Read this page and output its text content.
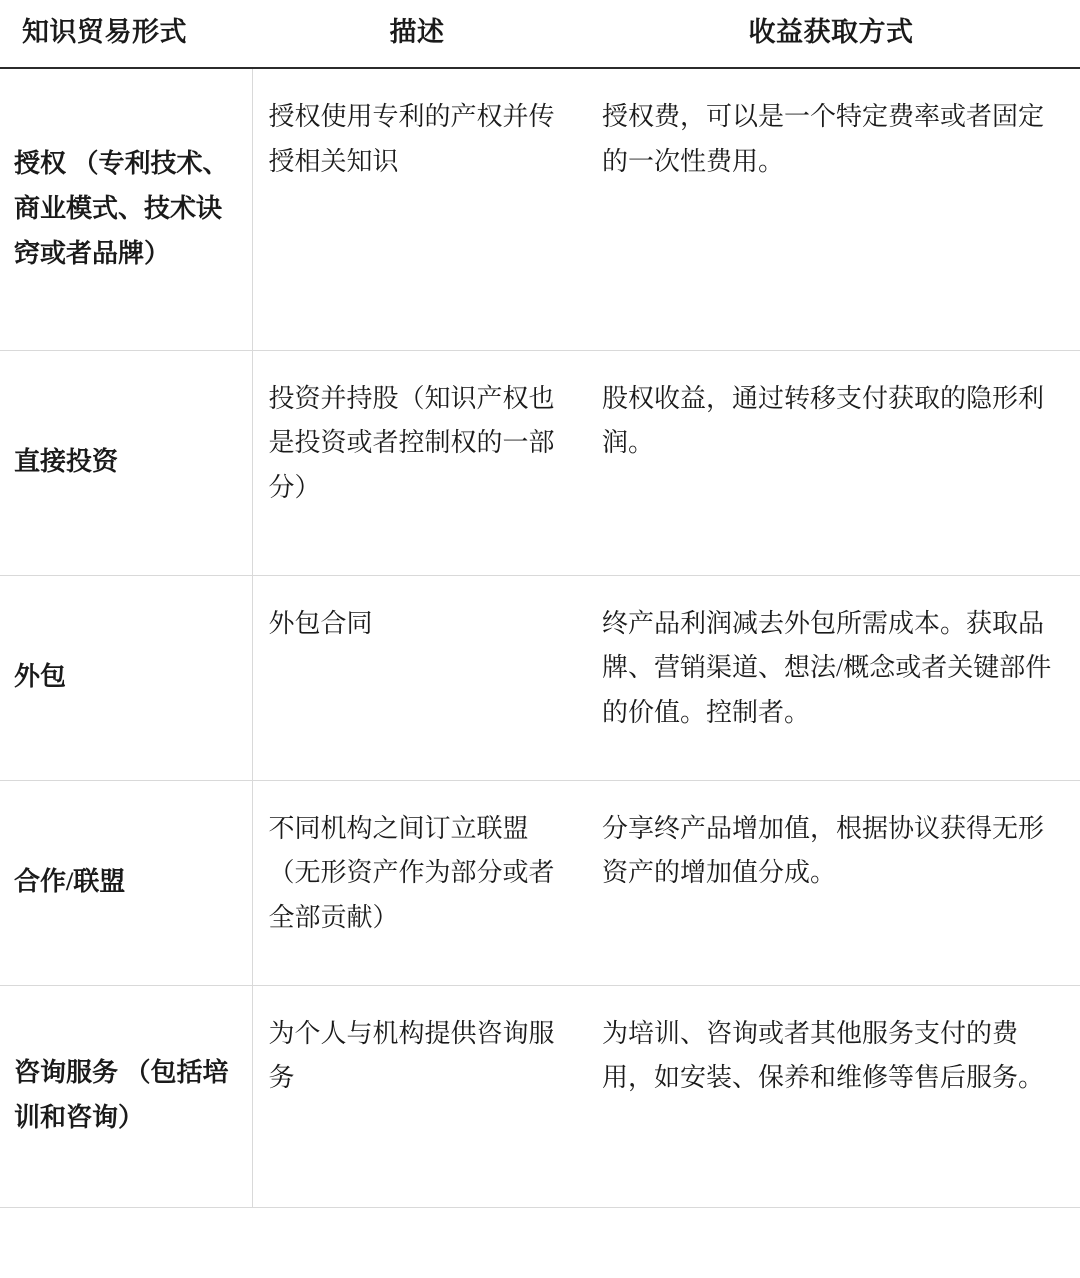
知识贸易形式	描述	收益获取方式
授权 （专利技术、商业模式、技术诀窍或者品牌）	授权使用专利的产权并传授相关知识	授权费，可以是一个特定费率或者固定的一次性费用。
直接投资	投资并持股（知识产权也是投资或者控制权的一部分）	股权收益，通过转移支付获取的隐形利润。
外包	外包合同	终产品利润减去外包所需成本。获取品牌、营销渠道、想法/概念或者关键部件的价值。控制者。
合作/联盟	不同机构之间订立联盟（无形资产作为部分或者全部贡献）	分享终产品增加值，根据协议获得无形资产的增加值分成。
咨询服务 （包括培训和咨询）	为个人与机构提供咨询服务	为培训、咨询或者其他服务支付的费用，如安装、保养和维修等售后服务。
